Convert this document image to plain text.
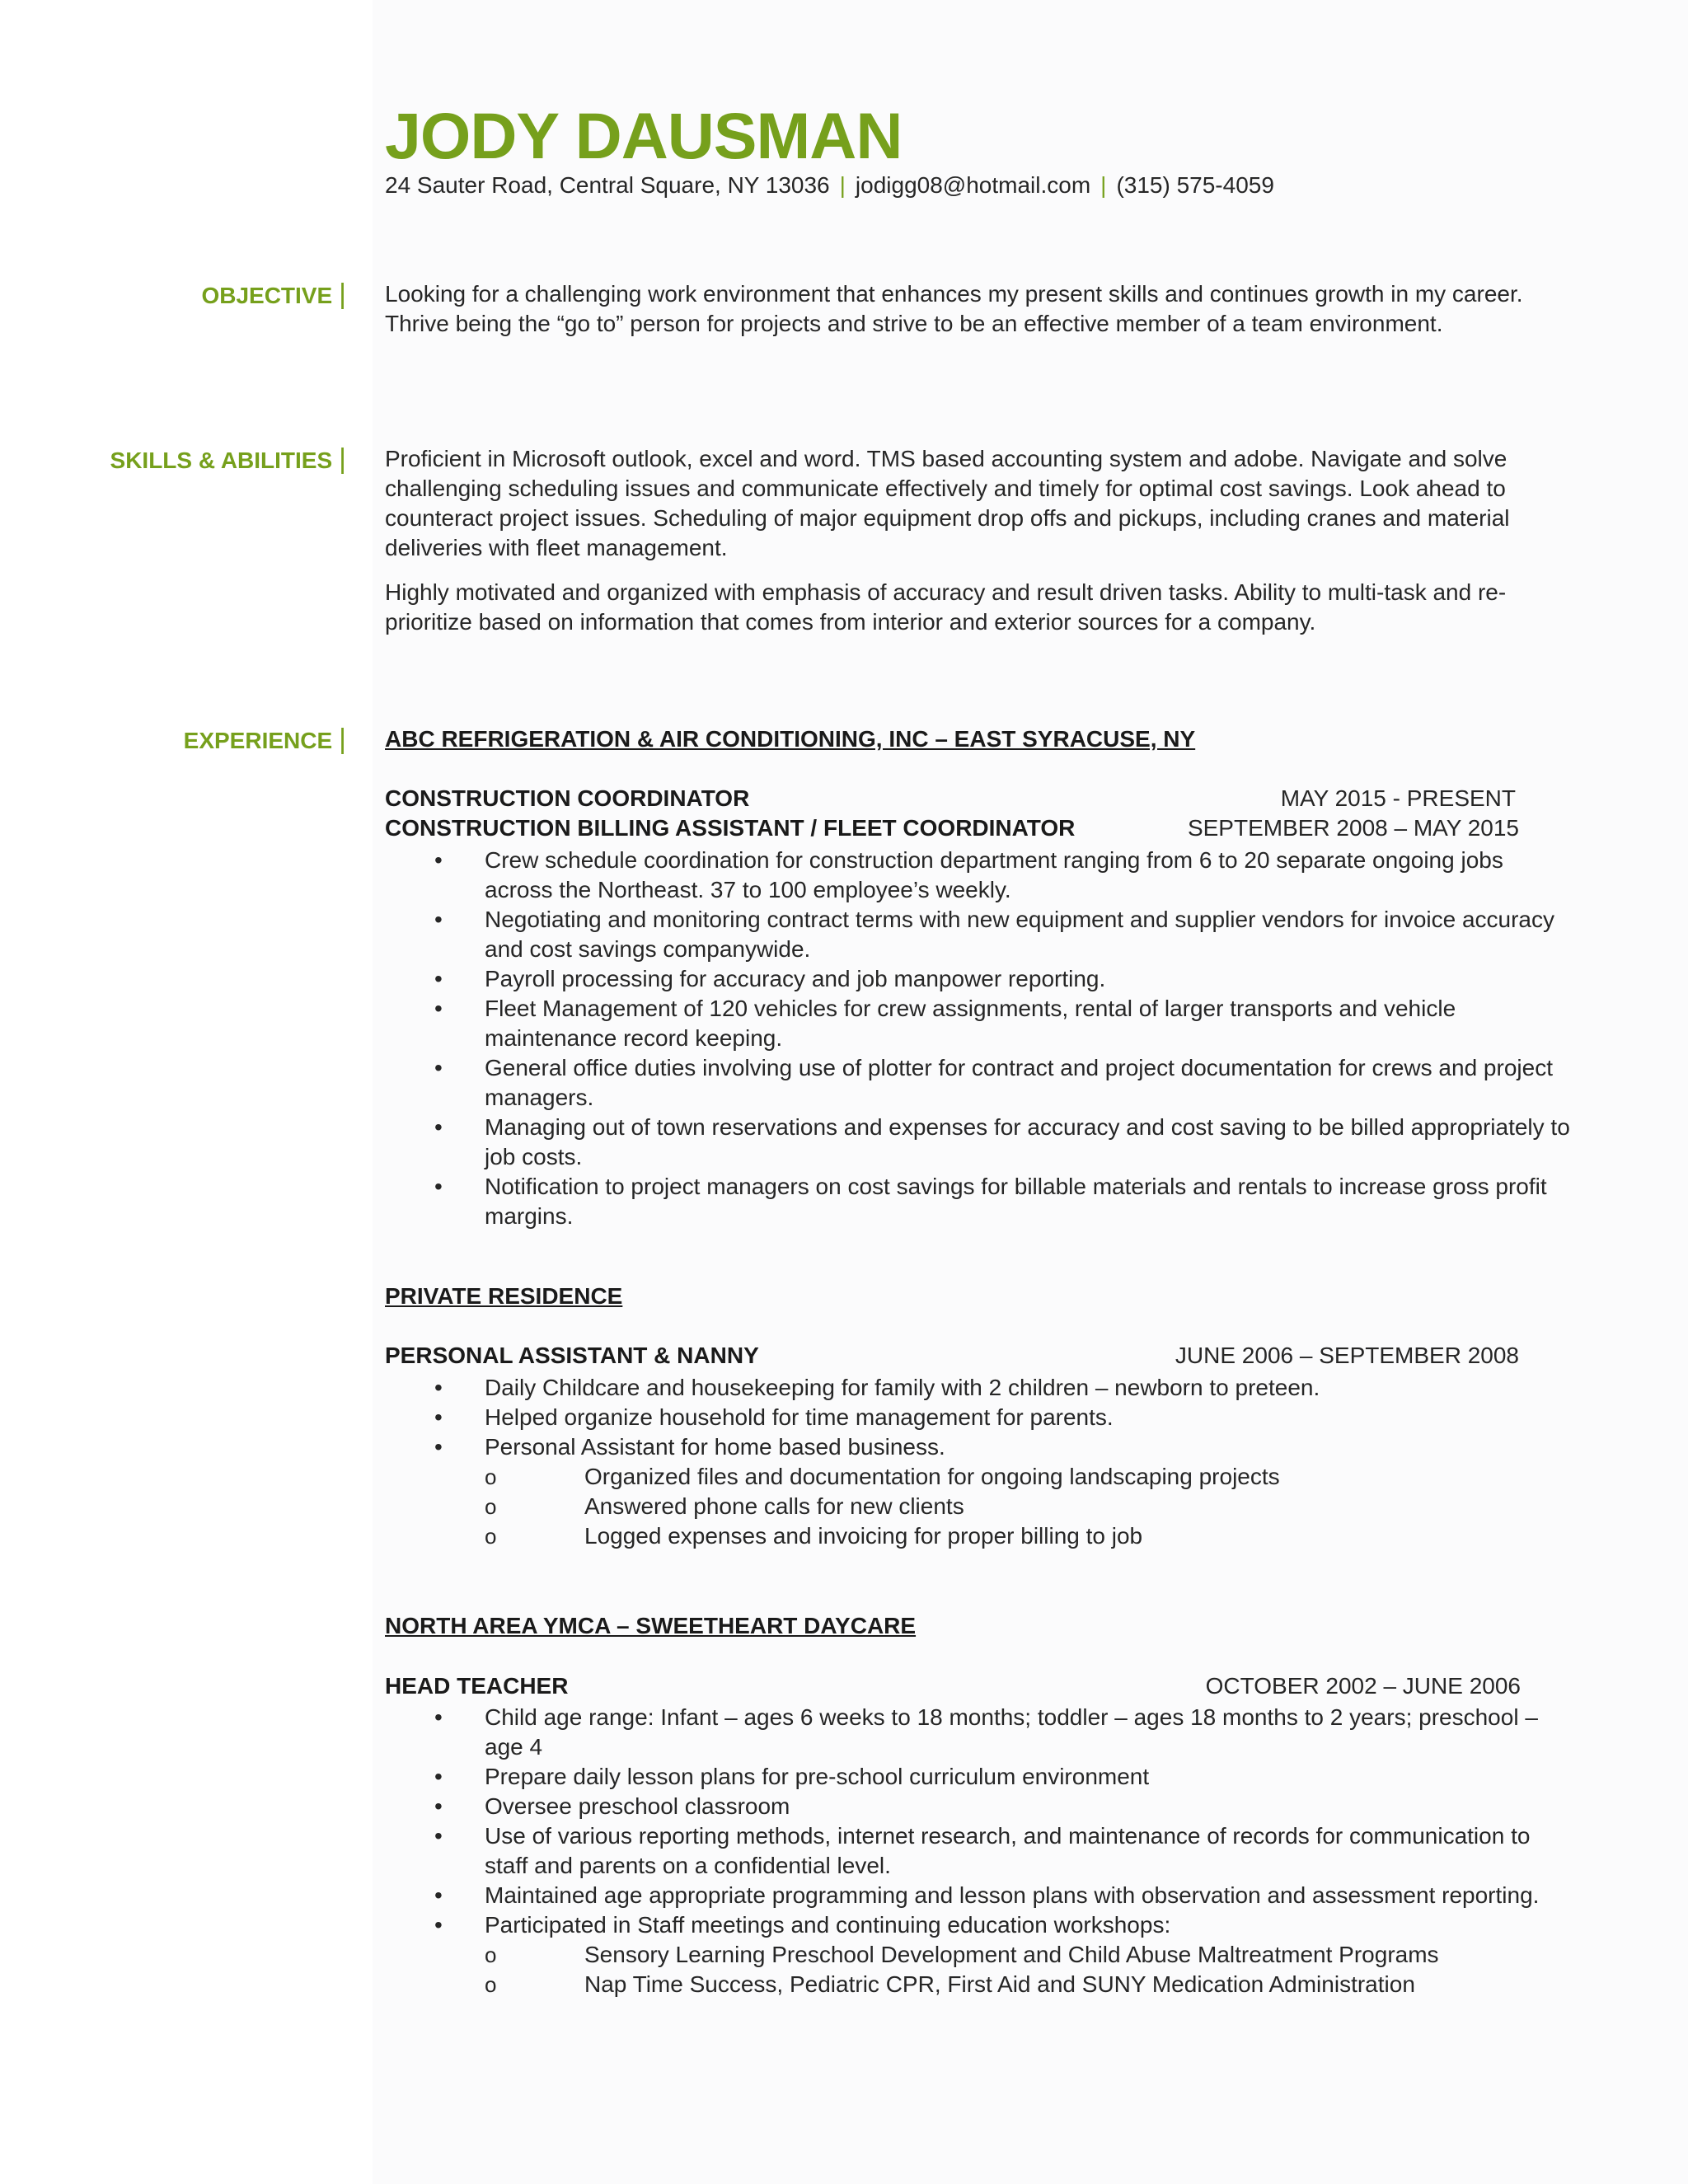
JODY DAUSMAN
24 Sauter Road, Central Square, NY 13036 | jodigg08@hotmail.com | (315) 575-4059
OBJECTIVE | Looking for a challenging work environment that enhances my present skills and continues growth in my career. Thrive being the “go to” person for projects and strive to be an effective member of a team environment.

SKILLS & ABILITIES | Proficient in Microsoft outlook, excel and word. TMS based accounting system and adobe. Navigate and solve challenging scheduling issues and communicate effectively and timely for optimal cost savings. Look ahead to counteract project issues. Scheduling of major equipment drop offs and pickups, including cranes and material deliveries with fleet management.

Highly motivated and organized with emphasis of accuracy and result driven tasks. Ability to multi-task and re-prioritize based on information that comes from interior and exterior sources for a company.

EXPERIENCE | ABC REFRIGERATION & AIR CONDITIONING, INC – EAST SYRACUSE, NY
CONSTRUCTION COORDINATOR	MAY 2015 - PRESENT
CONSTRUCTION BILLING ASSISTANT / FLEET COORDINATOR	SEPTEMBER 2008 – MAY 2015
• Crew schedule coordination for construction department ranging from 6 to 20 separate ongoing jobs across the Northeast. 37 to 100 employee’s weekly.
• Negotiating and monitoring contract terms with new equipment and supplier vendors for invoice accuracy and cost savings companywide.
• Payroll processing for accuracy and job manpower reporting.
• Fleet Management of 120 vehicles for crew assignments, rental of larger transports and vehicle maintenance record keeping.
• General office duties involving use of plotter for contract and project documentation for crews and project managers.
• Managing out of town reservations and expenses for accuracy and cost saving to be billed appropriately to job costs.
• Notification to project managers on cost savings for billable materials and rentals to increase gross profit margins.
PRIVATE RESIDENCE
PERSONAL ASSISTANT & NANNY	JUNE 2006 – SEPTEMBER 2008
• Daily Childcare and housekeeping for family with 2 children – newborn to preteen.
• Helped organize household for time management for parents.
• Personal Assistant for home based business.
o	Organized files and documentation for ongoing landscaping projects
o	Answered phone calls for new clients
o	Logged expenses and invoicing for proper billing to job
NORTH AREA YMCA – SWEETHEART DAYCARE
HEAD TEACHER	OCTOBER 2002 – JUNE 2006
• Child age range: Infant – ages 6 weeks to 18 months; toddler – ages 18 months to 2 years; preschool – age 4
• Prepare daily lesson plans for pre-school curriculum environment
• Oversee preschool classroom
• Use of various reporting methods, internet research, and maintenance of records for communication to staff and parents on a confidential level.
• Maintained age appropriate programming and lesson plans with observation and assessment reporting.
• Participated in Staff meetings and continuing education workshops:
o	Sensory Learning Preschool Development and Child Abuse Maltreatment Programs
o	Nap Time Success, Pediatric CPR, First Aid and SUNY Medication Administration
